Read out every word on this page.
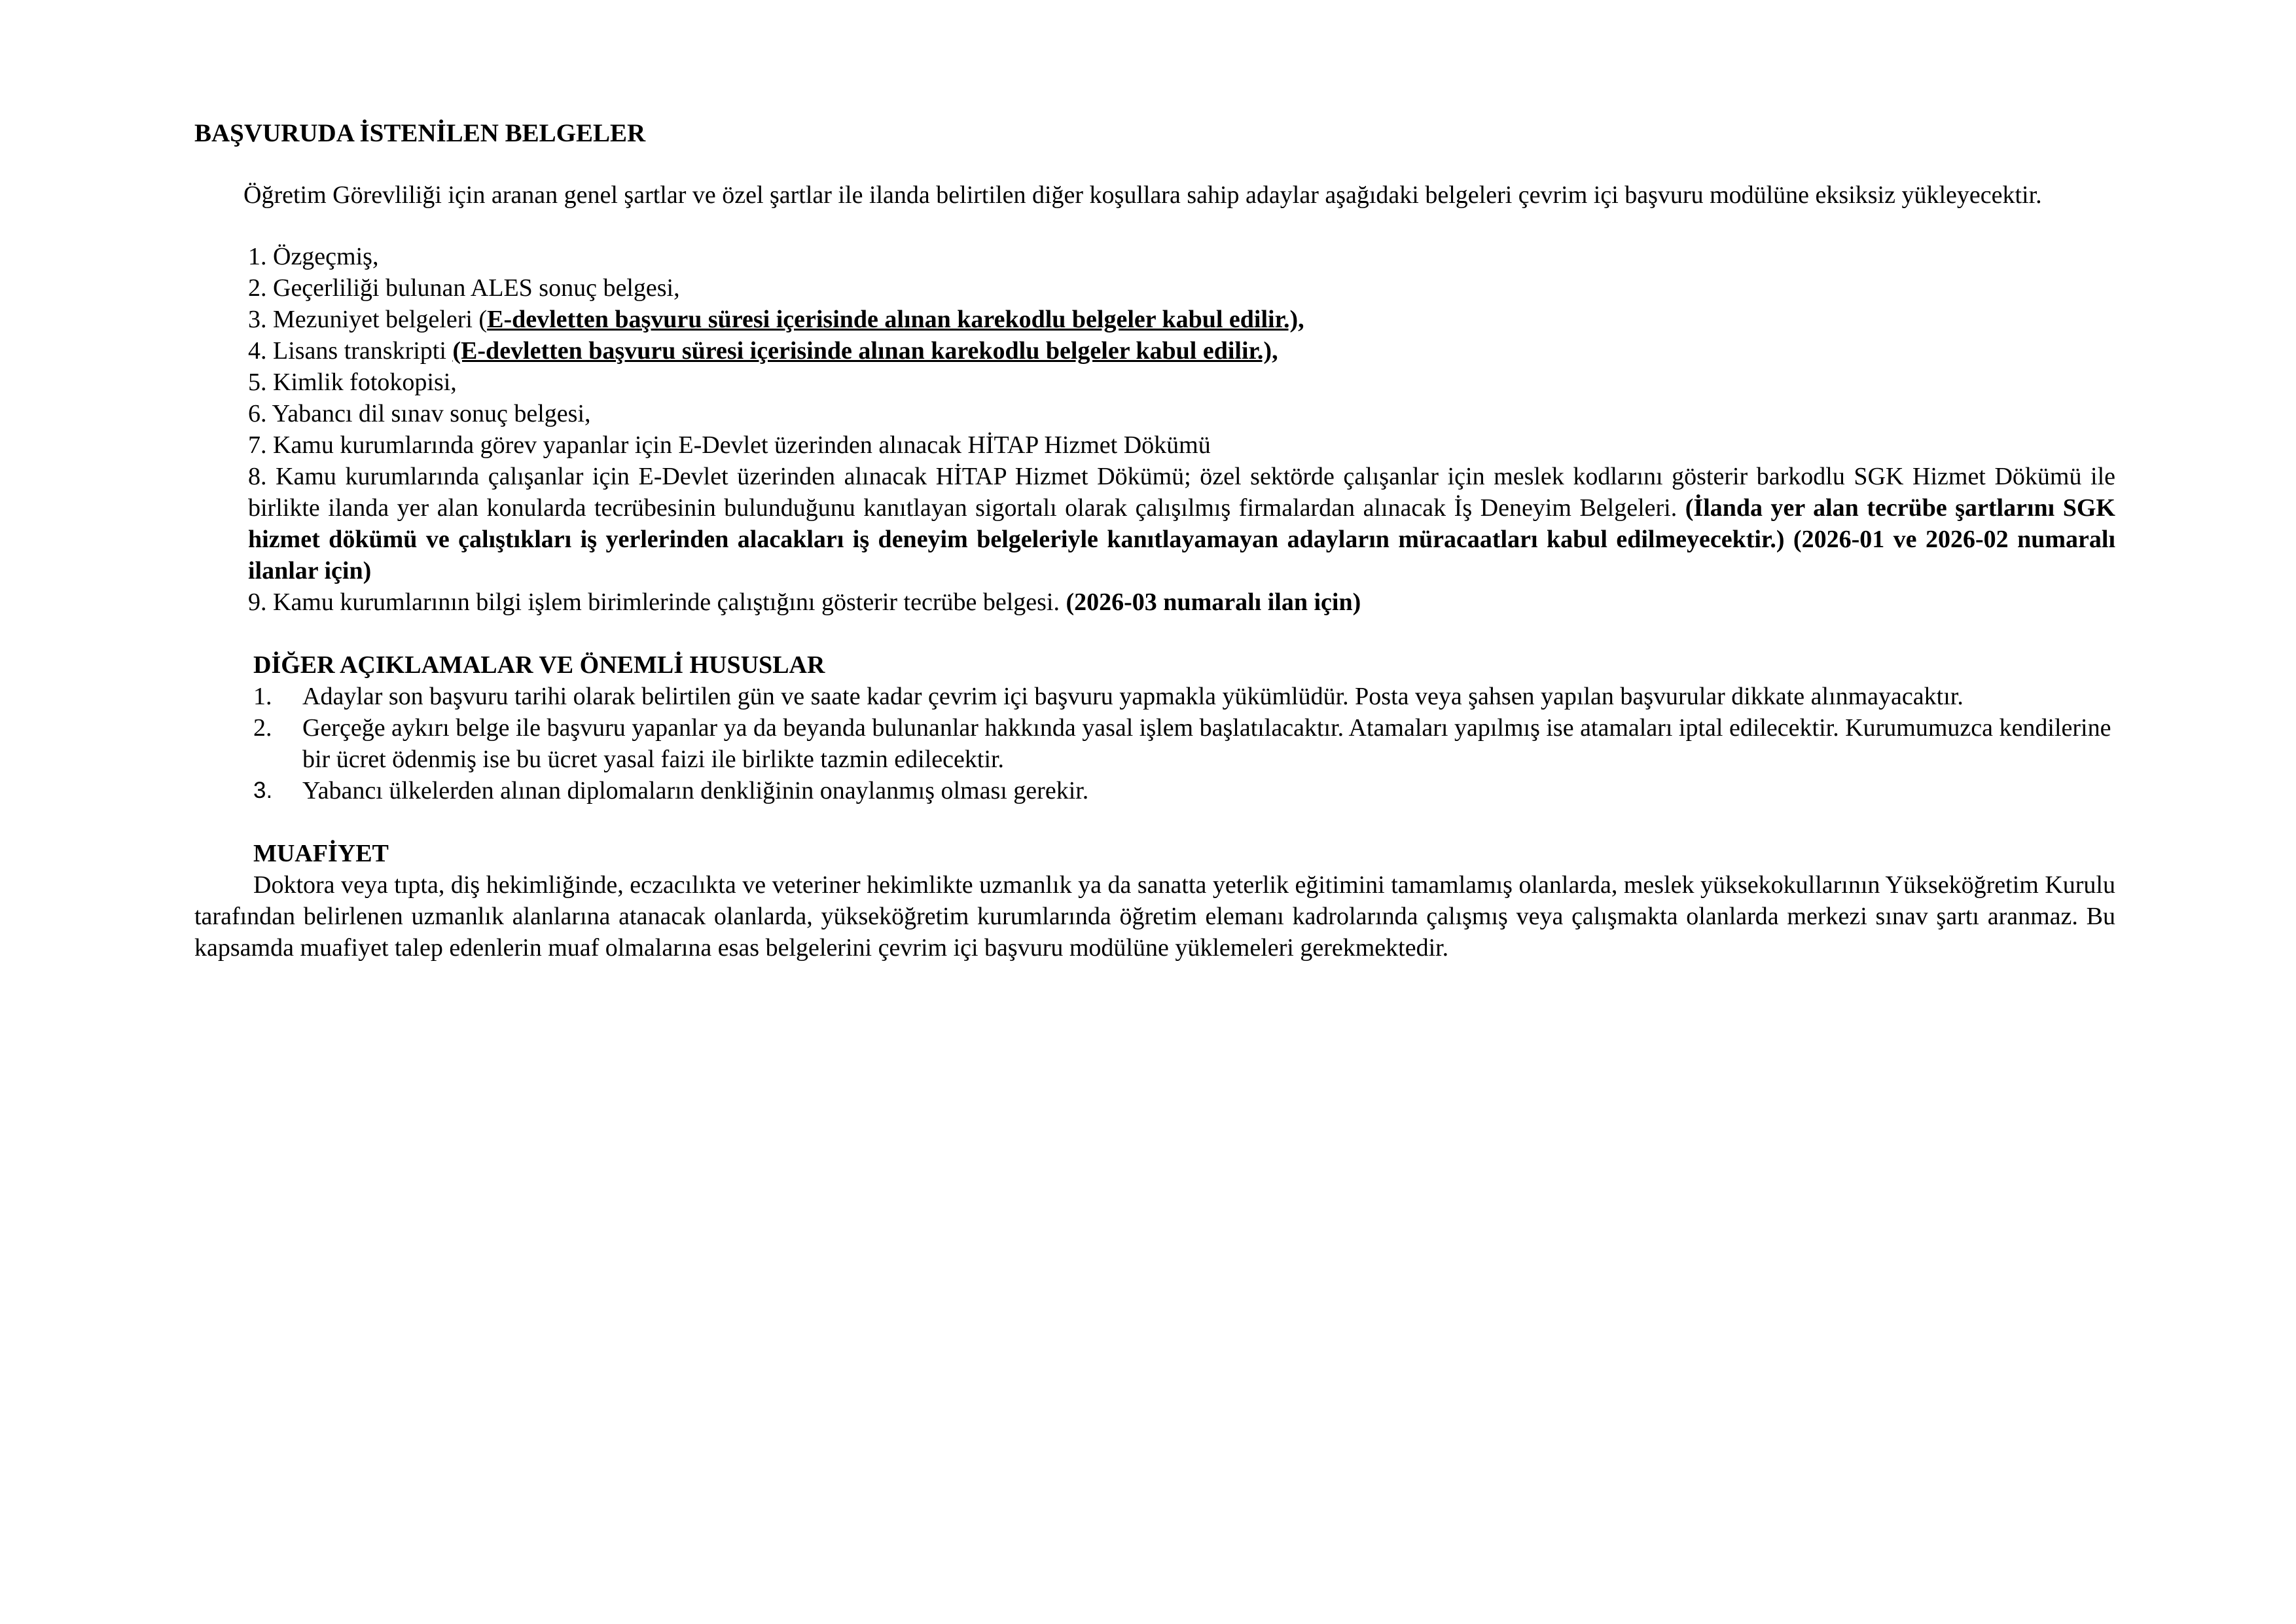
BAŞVURUDA İSTENİLEN BELGELER

Öğretim Görevliliği için aranan genel şartlar ve özel şartlar ile ilanda belirtilen diğer koşullara sahip adaylar aşağıdaki belgeleri çevrim içi başvuru modülüne eksiksiz yükleyecektir.

1. Özgeçmiş,
2. Geçerliliği bulunan ALES sonuç belgesi,
3. Mezuniyet belgeleri (E-devletten başvuru süresi içerisinde alınan karekodlu belgeler kabul edilir.),
4. Lisans transkripti (E-devletten başvuru süresi içerisinde alınan karekodlu belgeler kabul edilir.),
5. Kimlik fotokopisi,
6. Yabancı dil sınav sonuç belgesi,
7. Kamu kurumlarında görev yapanlar için E-Devlet üzerinden alınacak HİTAP Hizmet Dökümü
8. Kamu kurumlarında çalışanlar için E-Devlet üzerinden alınacak HİTAP Hizmet Dökümü; özel sektörde çalışanlar için meslek kodlarını gösterir barkodlu SGK Hizmet Dökümü ile birlikte ilanda yer alan konularda tecrübesinin bulunduğunu kanıtlayan sigortalı olarak çalışılmış firmalardan alınacak İş Deneyim Belgeleri. (İlanda yer alan tecrübe şartlarını SGK hizmet dökümü ve çalıştıkları iş yerlerinden alacakları iş deneyim belgeleriyle kanıtlayamayan adayların müracaatları kabul edilmeyecektir.) (2026-01 ve 2026-02 numaralı ilanlar için)
9. Kamu kurumlarının bilgi işlem birimlerinde çalıştığını gösterir tecrübe belgesi. (2026-03 numaralı ilan için)

DİĞER AÇIKLAMALAR VE ÖNEMLİ HUSUSLAR

1. Adaylar son başvuru tarihi olarak belirtilen gün ve saate kadar çevrim içi başvuru yapmakla yükümlüdür. Posta veya şahsen yapılan başvurular dikkate alınmayacaktır.
2. Gerçeğe aykırı belge ile başvuru yapanlar ya da beyanda bulunanlar hakkında yasal işlem başlatılacaktır. Atamaları yapılmış ise atamaları iptal edilecektir. Kurumumuzca kendilerine bir ücret ödenmiş ise bu ücret yasal faizi ile birlikte tazmin edilecektir.
3. Yabancı ülkelerden alınan diplomaların denkliğinin onaylanmış olması gerekir.

MUAFİYET

Doktora veya tıpta, diş hekimliğinde, eczacılıkta ve veteriner hekimlikte uzmanlık ya da sanatta yeterlik eğitimini tamamlamış olanlarda, meslek yüksekokullarının Yükseköğretim Kurulu tarafından belirlenen uzmanlık alanlarına atanacak olanlarda, yükseköğretim kurumlarında öğretim elemanı kadrolarında çalışmış veya çalışmakta olanlarda merkezi sınav şartı aranmaz. Bu kapsamda muafiyet talep edenlerin muaf olmalarına esas belgelerini çevrim içi başvuru modülüne yüklemeleri gerekmektedir.
